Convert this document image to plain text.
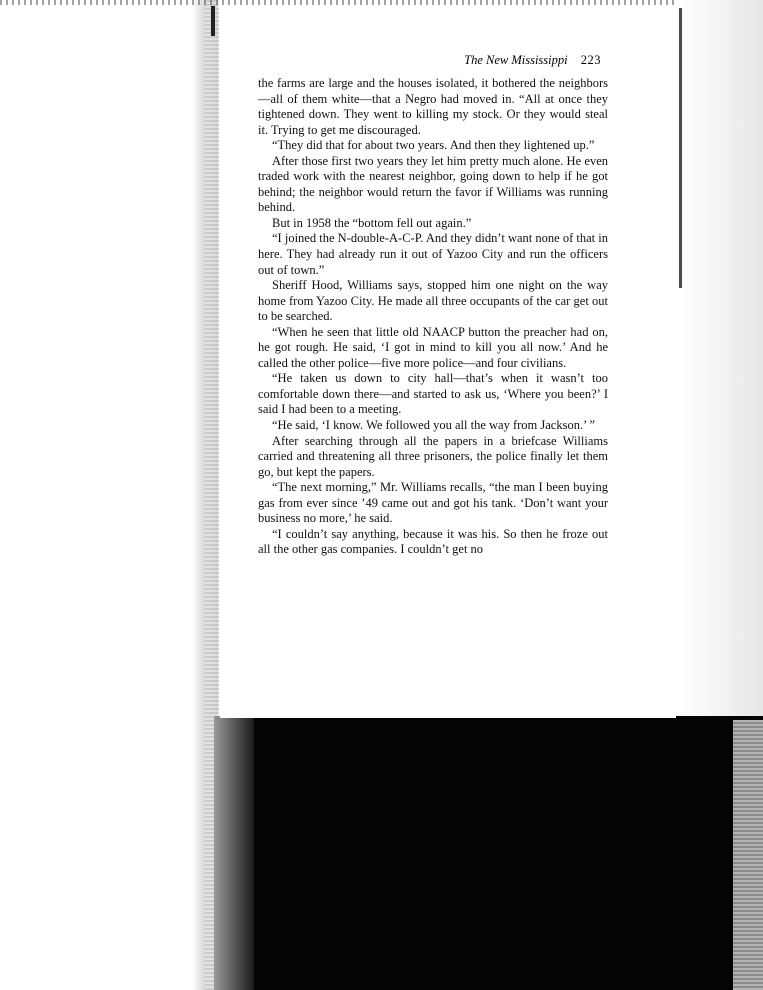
The New Mississippi 223

the farms are large and the houses isolated, it bothered the neighbors—all of them white—that a Negro had moved in. “All at once they tightened down. They went to killing my stock. Or they would steal it. Trying to get me discouraged.

“They did that for about two years. And then they lightened up.”

After those first two years they let him pretty much alone. He even traded work with the nearest neighbor, going down to help if he got behind; the neighbor would return the favor if Williams was running behind.

But in 1958 the “bottom fell out again.”

“I joined the N-double-A-C-P. And they didn’t want none of that in here. They had already run it out of Yazoo City and run the officers out of town.”

Sheriff Hood, Williams says, stopped him one night on the way home from Yazoo City. He made all three occupants of the car get out to be searched.

“When he seen that little old NAACP button the preacher had on, he got rough. He said, ‘I got in mind to kill you all now.’ And he called the other police—five more police—and four civilians.

“He taken us down to city hall—that’s when it wasn’t too comfortable down there—and started to ask us, ‘Where you been?’ I said I had been to a meeting.

“He said, ‘I know. We followed you all the way from Jackson.’ ”

After searching through all the papers in a briefcase Williams carried and threatening all three prisoners, the police finally let them go, but kept the papers.

“The next morning,” Mr. Williams recalls, “the man I been buying gas from ever since ’49 came out and got his tank. ‘Don’t want your business no more,’ he said.

“I couldn’t say anything, because it was his. So then he froze out all the other gas companies. I couldn’t get no
